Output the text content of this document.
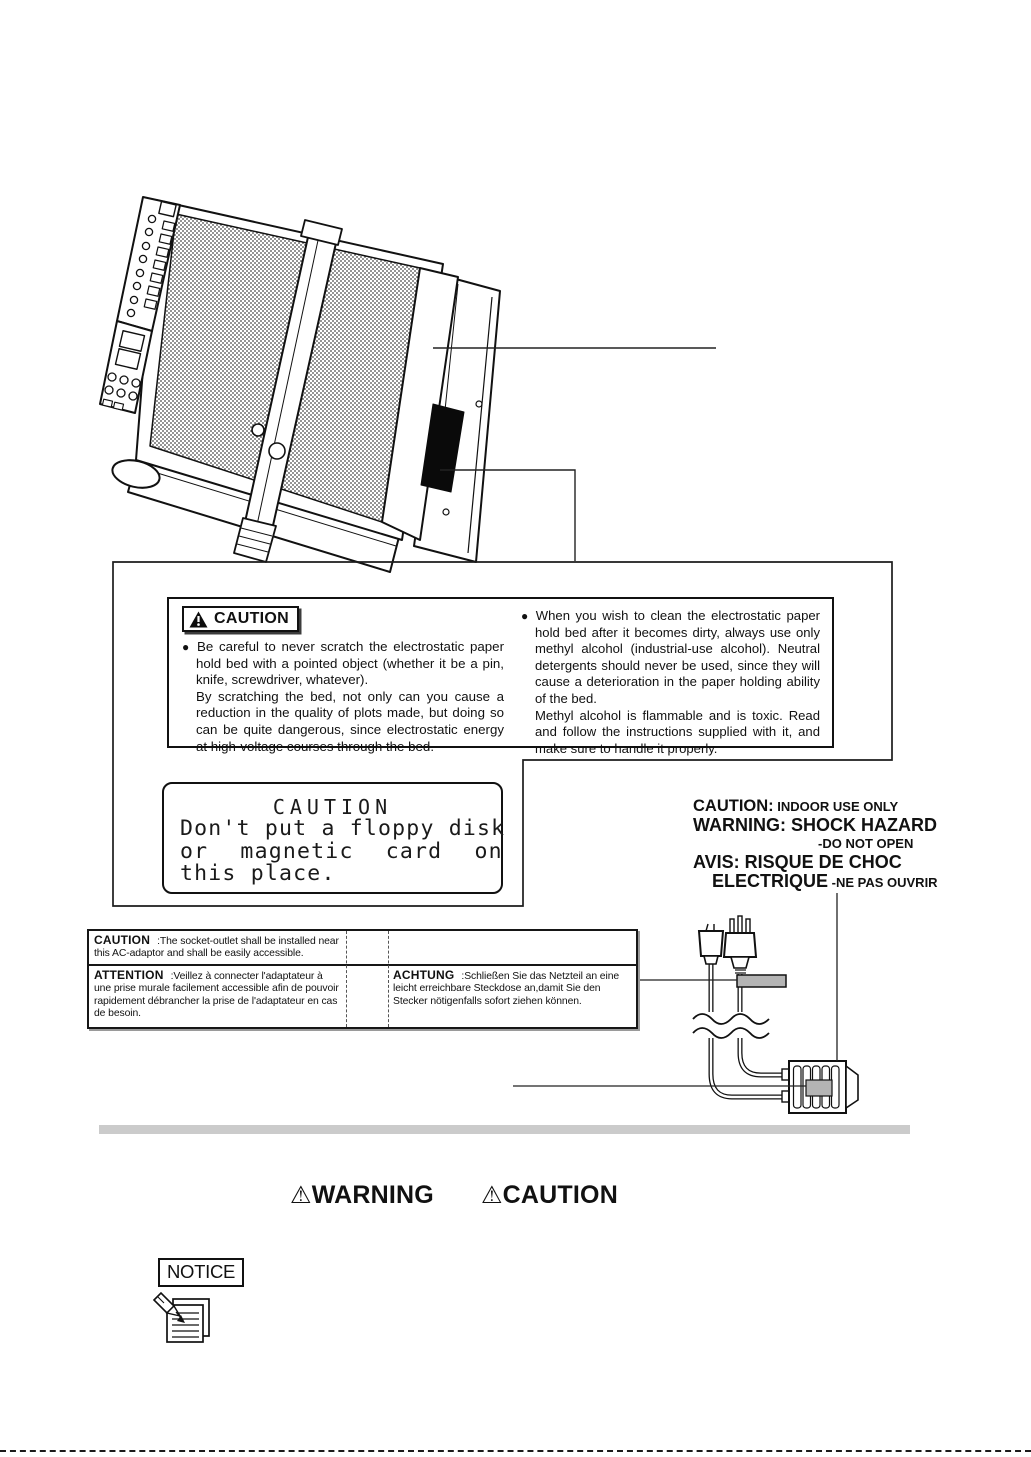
CAUTION

● Be careful to never scratch the electrostatic paper hold bed with a pointed object (whether it be a pin, knife, screwdriver, whatever).

By scratching the bed, not only can you cause a reduction in the quality of plots made, but doing so can be quite dangerous, since electrostatic energy at high-voltage courses through the bed.

● When you wish to clean the electrostatic paper hold bed after it becomes dirty, always use only methyl alcohol (industrial-use alcohol). Neutral detergents should never be used, since they will cause a deterioration in the paper holding ability of the bed.

Methyl alcohol is flammable and is toxic. Read and follow the instructions supplied with it, and make sure to handle it properly.

CAUTION
Don't put a floppy disk
or magnetic card on
this place.
CAUTION: INDOOR USE ONLY
WARNING: SHOCK HAZARD
-DO NOT OPEN
AVIS: RISQUE DE CHOC
ELECTRIQUE -NE PAS OUVRIR
CAUTION :The socket-outlet shall be installed near this AC-adaptor and shall be easily accessible.
ATTENTION :Veillez à connecter l'adaptateur à une prise murale facilement accessible afin de pouvoir rapidement débrancher la prise de l'adaptateur en cas de besoin.
ACHTUNG :Schließen Sie das Netzteil an eine leicht erreichbare Steckdose an,damit Sie den Stecker nötigenfalls sofort ziehen können.
⚠WARNING ⚠CAUTION
NOTICE
